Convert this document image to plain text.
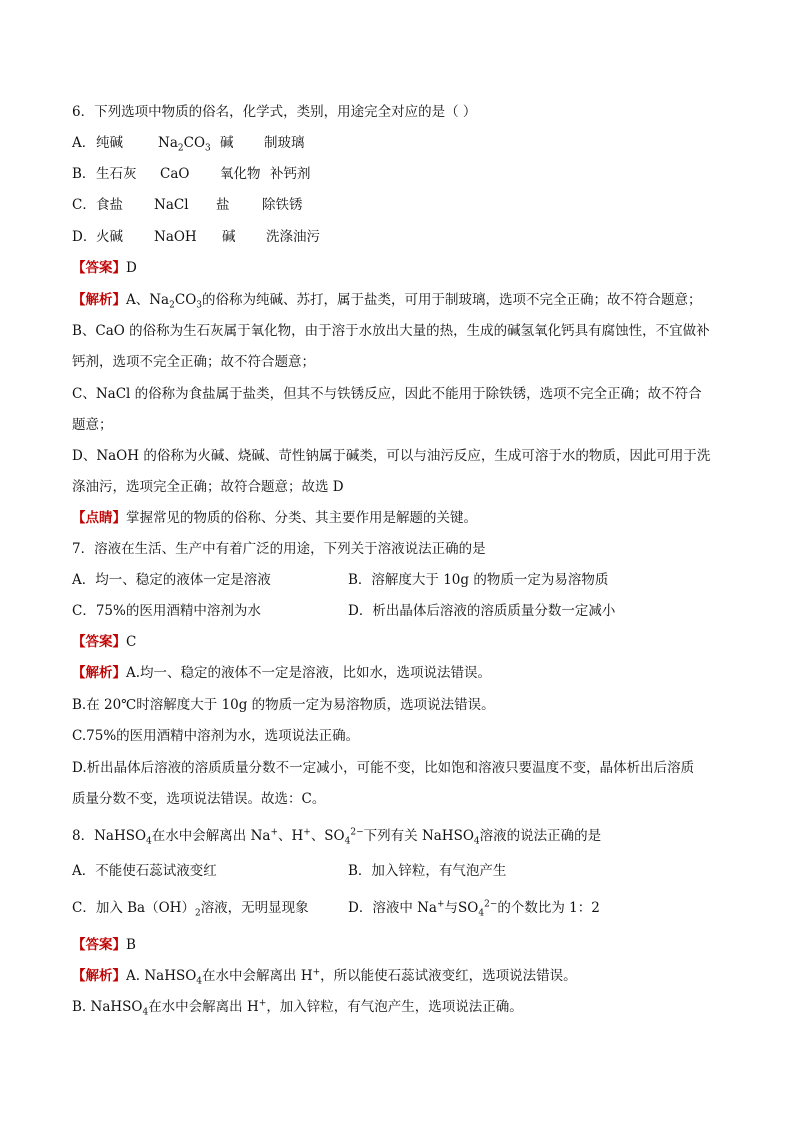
6．下列选项中物质的俗名，化学式，类别，用途完全对应的是（ ）
A． 纯碱	$Na_2CO_3$ 碱 制玻璃
B． 生石灰 CaO 氧化物 补钙剂
C． 食盐 NaCl 盐 除铁锈
D． 火碱 NaOH 碱 洗涤油污
【答案】D
【解析】A、$Na_2CO_3$的俗称为纯碱、苏打，属于盐类，可用于制玻璃，选项不完全正确；故不符合题意；
B、CaO 的俗称为生石灰属于氧化物，由于溶于水放出大量的热，生成的碱氢氧化钙具有腐蚀性，不宜做补
钙剂，选项不完全正确；故不符合题意；
C、NaCl 的俗称为食盐属于盐类，但其不与铁锈反应，因此不能用于除铁锈，选项不完全正确；故不符合
题意；
D、NaOH 的俗称为火碱、烧碱、苛性钠属于碱类，可以与油污反应，生成可溶于水的物质，因此可用于洗
涤油污，选项完全正确；故符合题意；故选 D
【点睛】掌握常见的物质的俗称、分类、其主要作用是解题的关键。
7．溶液在生活、生产中有着广泛的用途，下列关于溶液说法正确的是
A．均一、稳定的液体一定是溶液	B．溶解度大于 10g 的物质一定为易溶物质
C．75%的医用酒精中溶剂为水	D．析出晶体后溶液的溶质质量分数一定减小
【答案】C
【解析】A.均一、稳定的液体不一定是溶液，比如水，选项说法错误。
B.在 20℃时溶解度大于 10g 的物质一定为易溶物质，选项说法错误。
C.75%的医用酒精中溶剂为水，选项说法正确。
D.析出晶体后溶液的溶质质量分数不一定减小，可能不变，比如饱和溶液只要温度不变，晶体析出后溶质
质量分数不变，选项说法错误。故选：C。
8．NaHSO$_4$在水中会解离出 Na+、H+、$SO_4^{2-}$下列有关 NaHSO$_4$溶液的说法正确的是
A．不能使石蕊试液变红	B．加入锌粒，有气泡产生
C．加入 $Ba(OH)_2$溶液，无明显现象	D．溶液中 Na+与$SO_4^{2-}$的个数比为 1：2
【答案】B
【解析】A. NaHSO$_4$在水中会解离出 H+，所以能使石蕊试液变红，选项说法错误。
B. NaHSO$_4$在水中会解离出 H+，加入锌粒，有气泡产生，选项说法正确。
